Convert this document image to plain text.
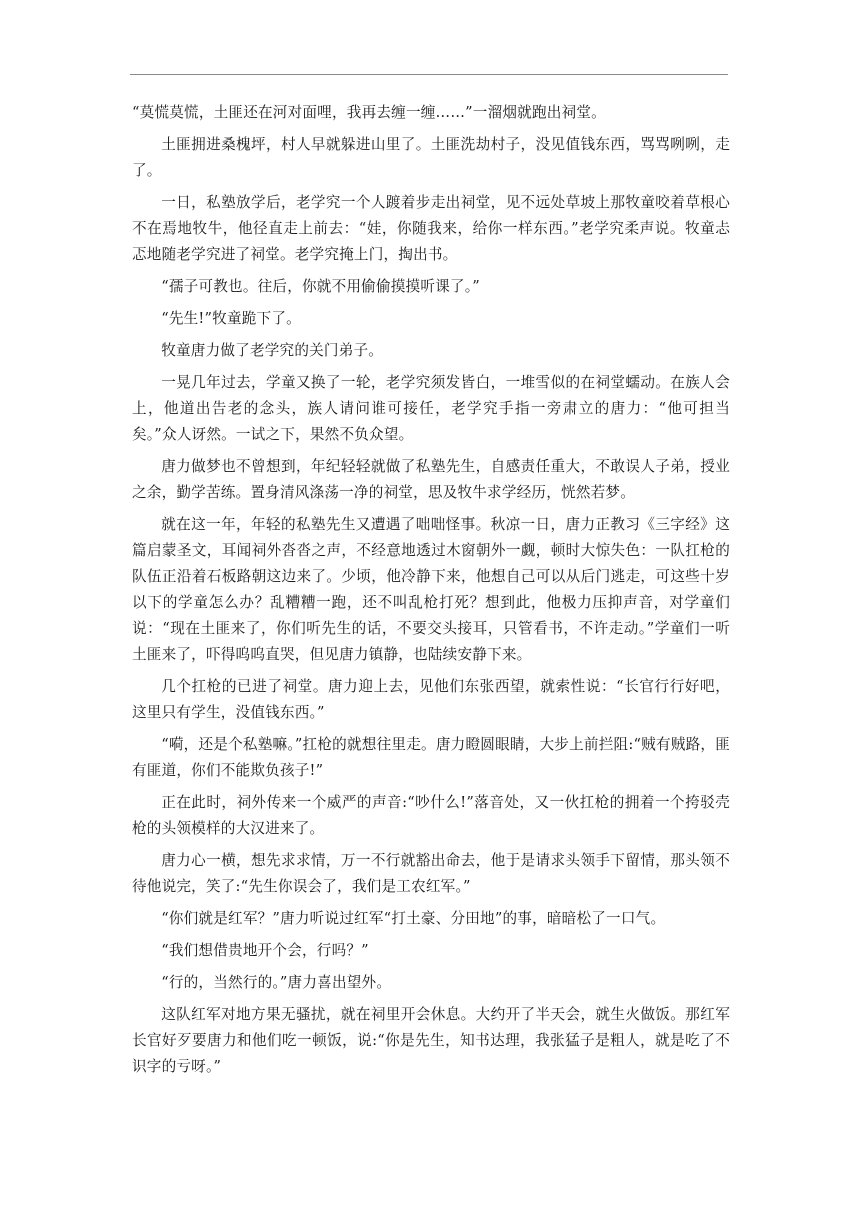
“莫慌莫慌，土匪还在河对面哩，我再去缠一缠……”一溜烟就跑出祠堂。

土匪拥进桑槐坪，村人早就躲进山里了。土匪洗劫村子，没见值钱东西，骂骂咧咧，走了。

一日，私塾放学后，老学究一个人踱着步走出祠堂，见不远处草坡上那牧童咬着草根心不在焉地牧牛，他径直走上前去：“娃，你随我来，给你一样东西。”老学究柔声说。牧童忐忑地随老学究进了祠堂。老学究掩上门，掏出书。

“孺子可教也。往后，你就不用偷偷摸摸听课了。”

“先生!”牧童跪下了。

牧童唐力做了老学究的关门弟子。

一晃几年过去，学童又换了一轮，老学究须发皆白，一堆雪似的在祠堂蠕动。在族人会上，他道出告老的念头，族人请问谁可接任，老学究手指一旁肃立的唐力：“他可担当矣。”众人讶然。一试之下，果然不负众望。

唐力做梦也不曾想到，年纪轻轻就做了私塾先生，自感责任重大，不敢误人子弟，授业之余，勤学苦练。置身清风涤荡一净的祠堂，思及牧牛求学经历，恍然若梦。

就在这一年，年轻的私塾先生又遭遇了咄咄怪事。秋凉一日，唐力正教习《三字经》这篇启蒙圣文，耳闻祠外沓沓之声，不经意地透过木窗朝外一觑，顿时大惊失色：一队扛枪的队伍正沿着石板路朝这边来了。少顷，他冷静下来，他想自己可以从后门逃走，可这些十岁以下的学童怎么办？乱糟糟一跑，还不叫乱枪打死？想到此，他极力压抑声音，对学童们说：“现在土匪来了，你们听先生的话，不要交头接耳，只管看书，不许走动。”学童们一听土匪来了，吓得呜呜直哭，但见唐力镇静，也陆续安静下来。

几个扛枪的已进了祠堂。唐力迎上去，见他们东张西望，就索性说：“长官行行好吧，这里只有学生，没值钱东西。”

“嗬，还是个私塾嘛。”扛枪的就想往里走。唐力瞪圆眼睛，大步上前拦阻:“贼有贼路，匪有匪道，你们不能欺负孩子!”

正在此时，祠外传来一个威严的声音:“吵什么!”落音处，又一伙扛枪的拥着一个挎驳壳枪的头领模样的大汉进来了。

唐力心一横，想先求求情，万一不行就豁出命去，他于是请求头领手下留情，那头领不待他说完，笑了:“先生你误会了，我们是工农红军。”

“你们就是红军？”唐力听说过红军“打土豪、分田地”的事，暗暗松了一口气。

“我们想借贵地开个会，行吗？”

“行的，当然行的。”唐力喜出望外。

这队红军对地方果无骚扰，就在祠里开会休息。大约开了半天会，就生火做饭。那红军长官好歹要唐力和他们吃一顿饭，说:“你是先生，知书达理，我张猛子是粗人，就是吃了不识字的亏呀。”
